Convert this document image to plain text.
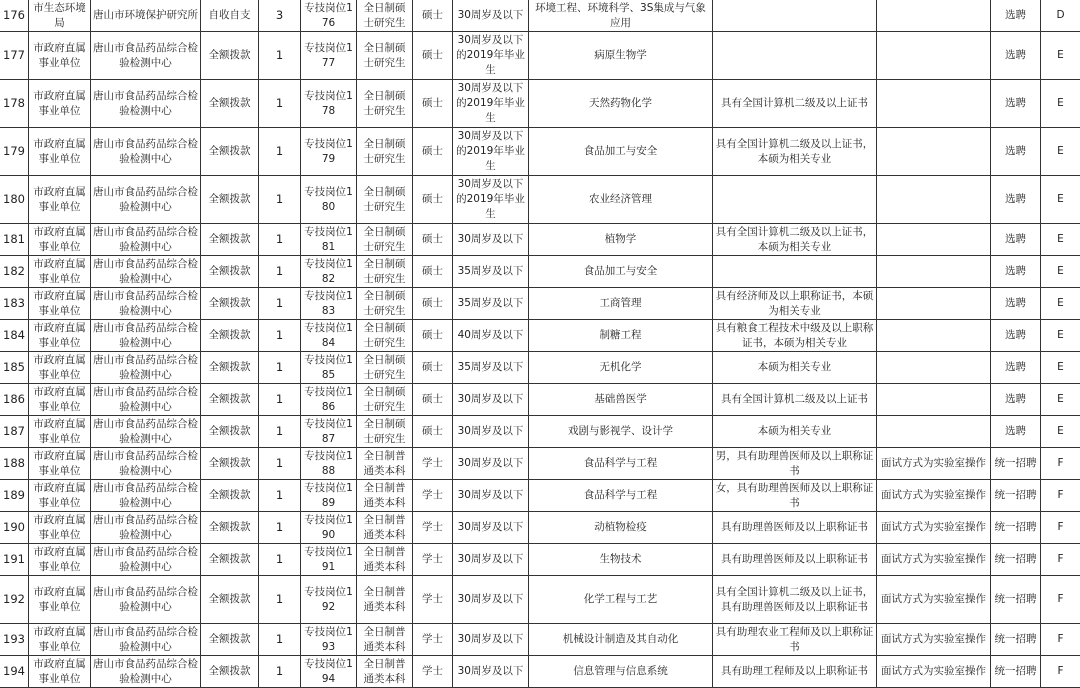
176	市生态环境局	唐山市环境保护研究所	自收自支	3	专技岗位176	全日制硕士研究生	硕士	30周岁及以下	环境工程、环境科学、3S集成与气象应用			选聘	D
177	市政府直属事业单位	唐山市食品药品综合检验检测中心	全额拨款	1	专技岗位177	全日制硕士研究生	硕士	30周岁及以下的2019年毕业生	病原生物学			选聘	E
178	市政府直属事业单位	唐山市食品药品综合检验检测中心	全额拨款	1	专技岗位178	全日制硕士研究生	硕士	30周岁及以下的2019年毕业生	天然药物化学	具有全国计算机二级及以上证书		选聘	E
179	市政府直属事业单位	唐山市食品药品综合检验检测中心	全额拨款	1	专技岗位179	全日制硕士研究生	硕士	30周岁及以下的2019年毕业生	食品加工与安全	具有全国计算机二级及以上证书，本硕为相关专业		选聘	E
180	市政府直属事业单位	唐山市食品药品综合检验检测中心	全额拨款	1	专技岗位180	全日制硕士研究生	硕士	30周岁及以下的2019年毕业生	农业经济管理			选聘	E
181	市政府直属事业单位	唐山市食品药品综合检验检测中心	全额拨款	1	专技岗位181	全日制硕士研究生	硕士	30周岁及以下	植物学	具有全国计算机二级及以上证书，本硕为相关专业		选聘	E
182	市政府直属事业单位	唐山市食品药品综合检验检测中心	全额拨款	1	专技岗位182	全日制硕士研究生	硕士	35周岁及以下	食品加工与安全			选聘	E
183	市政府直属事业单位	唐山市食品药品综合检验检测中心	全额拨款	1	专技岗位183	全日制硕士研究生	硕士	35周岁及以下	工商管理	具有经济师及以上职称证书，本硕为相关专业		选聘	E
184	市政府直属事业单位	唐山市食品药品综合检验检测中心	全额拨款	1	专技岗位184	全日制硕士研究生	硕士	40周岁及以下	制糖工程	具有粮食工程技术中级及以上职称证书，本硕为相关专业		选聘	E
185	市政府直属事业单位	唐山市食品药品综合检验检测中心	全额拨款	1	专技岗位185	全日制硕士研究生	硕士	35周岁及以下	无机化学	本硕为相关专业		选聘	E
186	市政府直属事业单位	唐山市食品药品综合检验检测中心	全额拨款	1	专技岗位186	全日制硕士研究生	硕士	30周岁及以下	基础兽医学	具有全国计算机二级及以上证书		选聘	E
187	市政府直属事业单位	唐山市食品药品综合检验检测中心	全额拨款	1	专技岗位187	全日制硕士研究生	硕士	30周岁及以下	戏剧与影视学、设计学	本硕为相关专业		选聘	E
188	市政府直属事业单位	唐山市食品药品综合检验检测中心	全额拨款	1	专技岗位188	全日制普通类本科	学士	30周岁及以下	食品科学与工程	男，具有助理兽医师及以上职称证书	面试方式为实验室操作	统一招聘	F
189	市政府直属事业单位	唐山市食品药品综合检验检测中心	全额拨款	1	专技岗位189	全日制普通类本科	学士	30周岁及以下	食品科学与工程	女，具有助理兽医师及以上职称证书	面试方式为实验室操作	统一招聘	F
190	市政府直属事业单位	唐山市食品药品综合检验检测中心	全额拨款	1	专技岗位190	全日制普通类本科	学士	30周岁及以下	动植物检疫	具有助理兽医师及以上职称证书	面试方式为实验室操作	统一招聘	F
191	市政府直属事业单位	唐山市食品药品综合检验检测中心	全额拨款	1	专技岗位191	全日制普通类本科	学士	30周岁及以下	生物技术	具有助理兽医师及以上职称证书	面试方式为实验室操作	统一招聘	F
192	市政府直属事业单位	唐山市食品药品综合检验检测中心	全额拨款	1	专技岗位192	全日制普通类本科	学士	30周岁及以下	化学工程与工艺	具有全国计算机二级及以上证书，具有助理兽医师及以上职称证书	面试方式为实验室操作	统一招聘	F
193	市政府直属事业单位	唐山市食品药品综合检验检测中心	全额拨款	1	专技岗位193	全日制普通类本科	学士	30周岁及以下	机械设计制造及其自动化	具有助理农业工程师及以上职称证书	面试方式为实验室操作	统一招聘	F
194	市政府直属事业单位	唐山市食品药品综合检验检测中心	全额拨款	1	专技岗位194	全日制普通类本科	学士	30周岁及以下	信息管理与信息系统	具有助理工程师及以上职称证书	面试方式为实验室操作	统一招聘	F
